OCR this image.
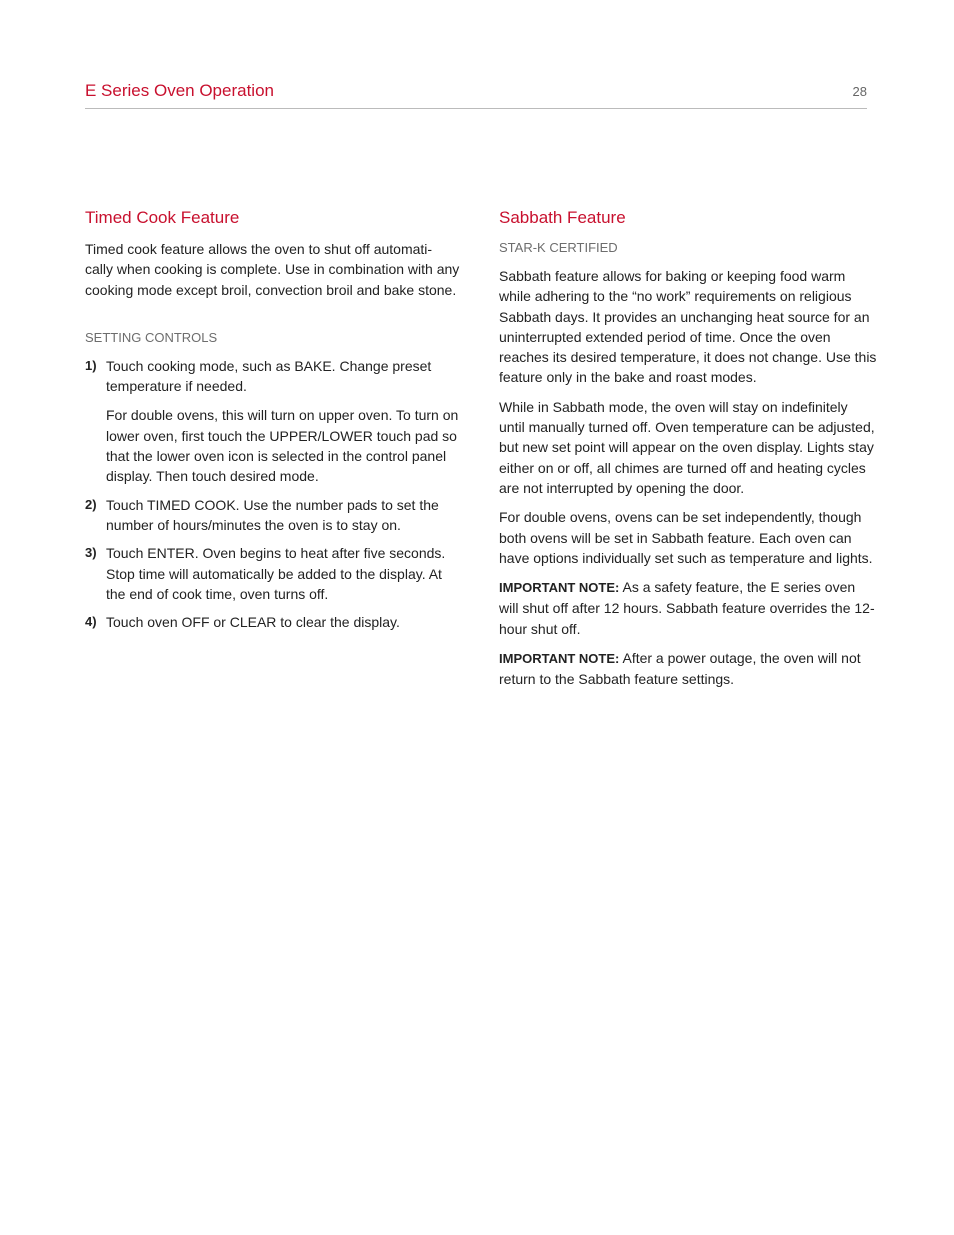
E Series Oven Operation	28
Timed Cook Feature

Timed cook feature allows the oven to shut off automati-cally when cooking is complete. Use in combination with any cooking mode except broil, convection broil and bake stone.

SETTING CONTROLS
1) Touch cooking mode, such as BAKE. Change preset temperature if needed.

For double ovens, this will turn on upper oven. To turn on lower oven, first touch the UPPER/LOWER touch pad so that the lower oven icon is selected in the control panel display. Then touch desired mode.

2) Touch TIMED COOK. Use the number pads to set the number of hours/minutes the oven is to stay on.

3) Touch ENTER. Oven begins to heat after five seconds. Stop time will automatically be added to the display. At the end of cook time, oven turns off.

4) Touch oven OFF or CLEAR to clear the display.

Sabbath Feature
STAR-K CERTIFIED

Sabbath feature allows for baking or keeping food warm while adhering to the “no work” requirements on religious Sabbath days. It provides an unchanging heat source for an uninterrupted extended period of time. Once the oven reaches its desired temperature, it does not change. Use this feature only in the bake and roast modes.

While in Sabbath mode, the oven will stay on indefinitely until manually turned off. Oven temperature can be adjusted, but new set point will appear on the oven display. Lights stay either on or off, all chimes are turned off and heating cycles are not interrupted by opening the door.

For double ovens, ovens can be set independently, though both ovens will be set in Sabbath feature. Each oven can have options individually set such as temperature and lights.

IMPORTANT NOTE: As a safety feature, the E series oven will shut off after 12 hours. Sabbath feature overrides the 12-hour shut off.

IMPORTANT NOTE: After a power outage, the oven will not return to the Sabbath feature settings.
